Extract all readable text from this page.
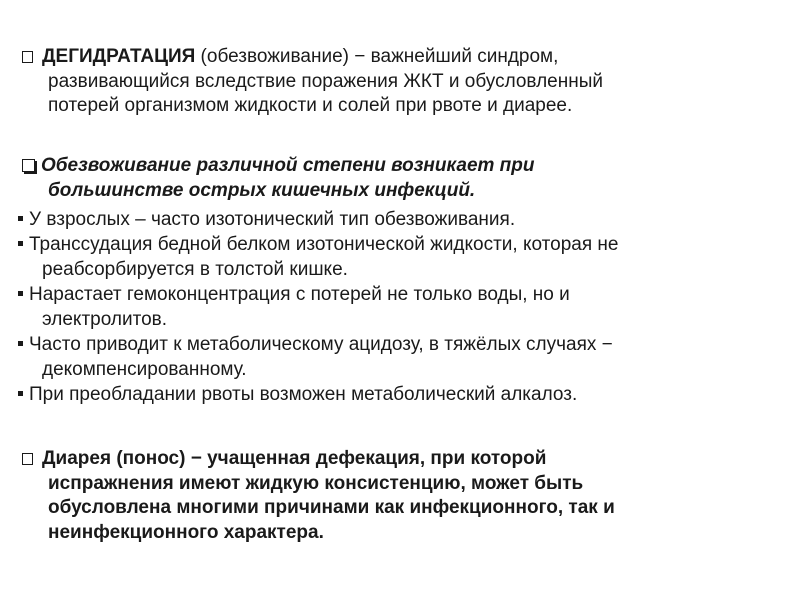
ДЕГИДРАТАЦИЯ (обезвоживание) − важнейший синдром,
развивающийся вследствие поражения ЖКТ и обусловленный
потерей организмом жидкости и солей при рвоте и диарее.
Обезвоживание различной степени возникает при
большинстве острых кишечных инфекций.
У взрослых – часто изотонический тип обезвоживания.
Транссудация бедной белком изотонической жидкости, которая не
реабсорбируется в толстой кишке.
Нарастает гемоконцентрация с потерей не только воды, но и
электролитов.
Часто приводит к метаболическому ацидозу, в тяжёлых случаях −
декомпенсированному.
При преобладании рвоты возможен метаболический алкалоз.
Диарея (понос) − учащенная дефекация, при которой
испражнения имеют жидкую консистенцию, может быть
обусловлена многими причинами как инфекционного, так и
неинфекционного характера.
